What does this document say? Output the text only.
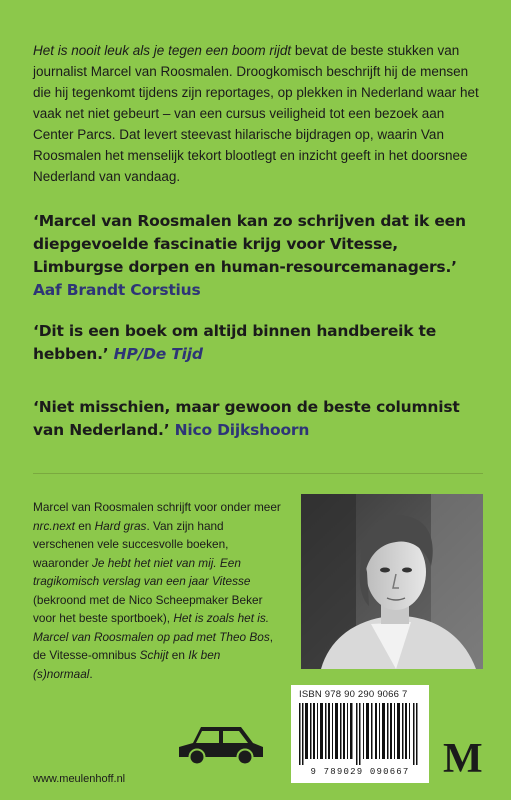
Het is nooit leuk als je tegen een boom rijdt bevat de beste stukken van journalist Marcel van Roosmalen. Droogkomisch beschrijft hij de mensen die hij tegenkomt tijdens zijn reportages, op plekken in Nederland waar het vaak net niet gebeurt – van een cursus veiligheid tot een bezoek aan Center Parcs. Dat levert steevast hilarische bijdragen op, waarin Van Roosmalen het menselijk tekort blootlegt en inzicht geeft in het doorsnee Nederland van vandaag.

‘Marcel van Roosmalen kan zo schrijven dat ik een diepgevoelde fascinatie krijg voor Vitesse, Limburgse dorpen en human-resourcemanagers.’
Aaf Brandt Corstius

‘Dit is een boek om altijd binnen handbereik te hebben.’ HP/De Tijd

‘Niet misschien, maar gewoon de beste columnist van Nederland.’ Nico Dijkshoorn

Marcel van Roosmalen schrijft voor onder meer nrc.next en Hard gras. Van zijn hand verschenen vele succesvolle boeken, waaronder Je hebt het niet van mij. Een tragikomisch verslag van een jaar Vitesse (bekroond met de Nico Scheepmaker Beker voor het beste sportboek), Het is zoals het is. Marcel van Roosmalen op pad met Theo Bos, de Vitesse-omnibus Schijt en Ik ben (s)normaal.

ISBN 978 90 290 9066 7
9 789029 090667 M
www.meulenhoff.nl
